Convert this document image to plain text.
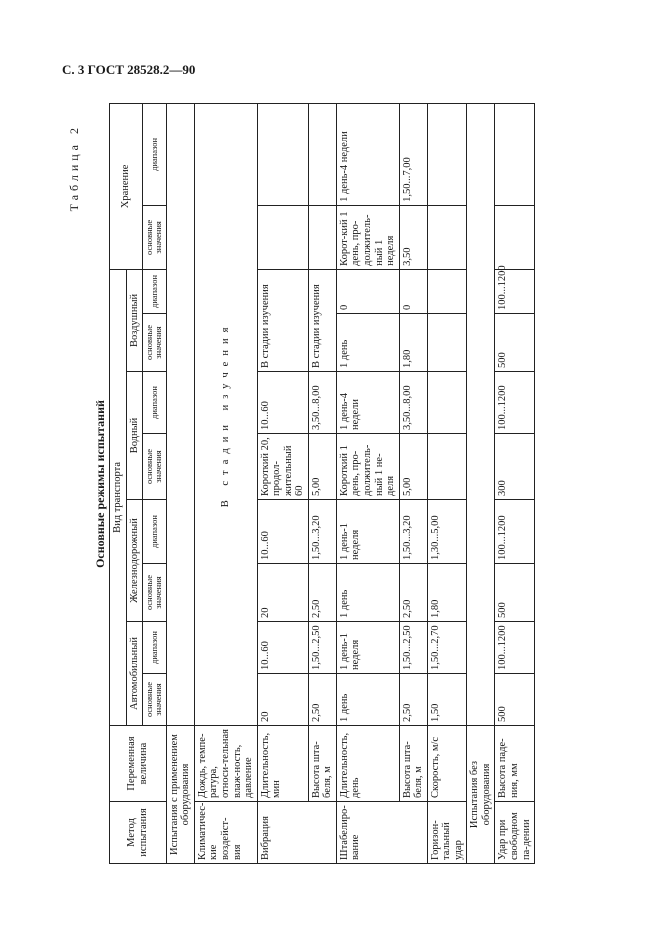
С. 3 ГОСТ 28528.2—90
Таблица 2
Основные режимы испытаний
Метод испытания	Переменная величина	Вид транспорта								Хранение	
		Автомобильный		Железнодорожный		Водный		Воздушный			
		основные значения	диапазон	основные значения	диапазон	основные значения	диапазон	основные значения	диапазон	основные значения	диапазон
Испытания с применением оборудования											
Климатичес-кие воздейст-вия	Дождь, темпе-ратура, относи-тельная влаж-ность, давление	В стадии изучения									
Вибрация	Длительность, мин	20	10...60	20	10...60	Короткий 20, продол-жительный 60	10...60	В стадии изучения			
	Высота шта-беля, м	2,50	1,50...2,50	2,50	1,50...3,20	5,00	3,50...8,00	В стадии изучения			
Штабелиро-вание	Длительность, день	1 день	1 день-1 неделя	1 день	1 день-1 неделя	Короткий 1 день, про-должитель-ный 1 не-деля	1 день-4 недели	1 день	0	Корот-кий 1 день, про-должитель-ный 1 неделя	1 день-4 недели
	Высота шта-беля, м	2,50	1,50...2,50	2,50	1,50...3,20	5,00	3,50...8,00	1,80	0	3,50	1,50...7,00
Горизон-тальный удар	Скорость, м/с	1,50	1,50...2,70	1,80	1,30...5,00						
Испытания без оборудования											
Удар при свободном па-дении	Высота паде-ния, мм	500	100...1200	500	100...1200	300	100...1200	500	100...1200		
